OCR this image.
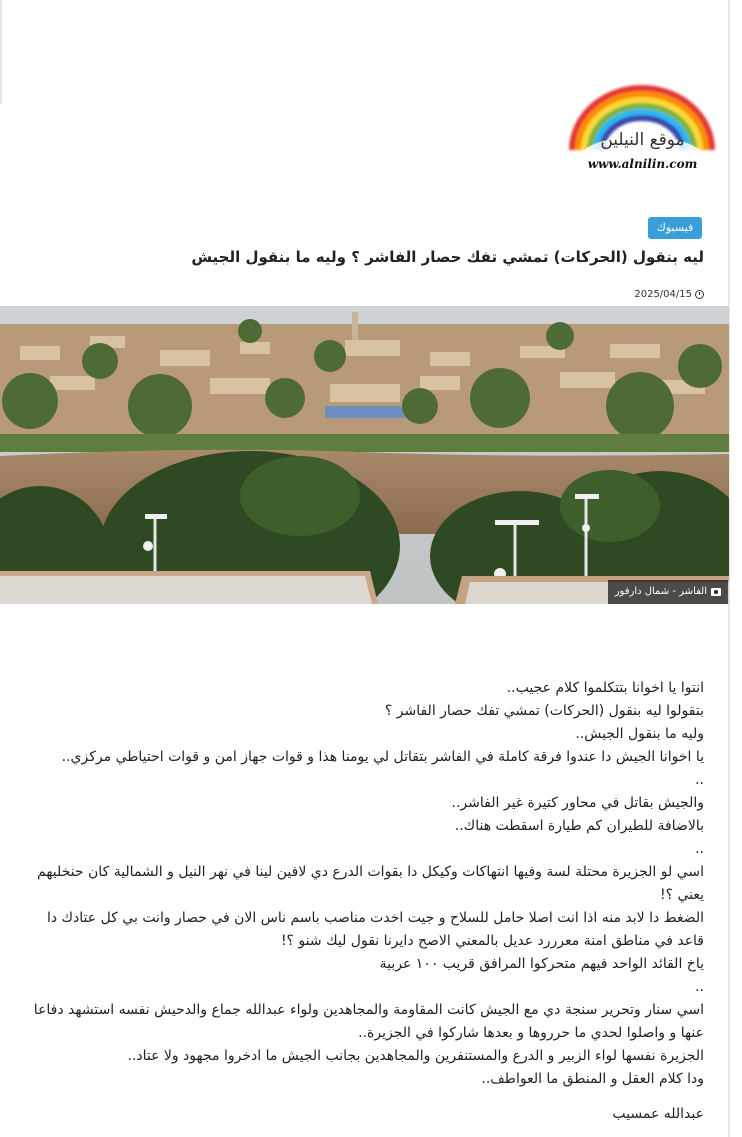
موقع النيلين
www.alnilin.com
فيسبوك
ليه بنقول (الحركات) تمشي تفك حصار الفاشر ؟ وليه ما بنقول الجيش
2025/04/15
الفاشر - شمال دارفور

انتوا يا اخوانا بتتكلموا كلام عجيب..

بتقولوا ليه بنقول (الحركات) تمشي تفك حصار الفاشر ؟

وليه ما بنقول الجيش..

يا اخوانا الجيش دا عندوا فرقة كاملة في الفاشر بتقاتل لي يومنا هذا و قوات جهاز امن و قوات احتياطي مركزي..

..

والجيش بقاتل في محاور كتيرة غير الفاشر..

بالاضافة للطيران كم طيارة اسقطت هناك..

..

اسي لو الجزيرة محتلة لسة وفيها انتهاكات وكيكل دا بقوات الدرع دي لافين لينا في نهر النيل و الشمالية كان حنخليهم يعني ؟!

الضغط دا لابد منه اذا انت اصلا حامل للسلاح و جيت اخدت مناصب باسم ناس الان في حصار وانت بي كل عتادك دا قاعد في مناطق امنة معرررد عديل بالمعني الاصح دايرنا نقول ليك شنو ؟!

ياخ القائد الواحد فيهم متحركوا المرافق قريب ١٠٠ عربية

..

اسي سنار وتحرير سنجة دي مع الجيش كانت المقاومة والمجاهدين ولواء عبدالله جماع والدحيش نفسه استشهد دفاعا عنها و واصلوا لحدي ما حرروها و بعدها شاركوا في الجزيرة..

الجزيرة نفسها لواء الزبير و الدرع والمستنفرين والمجاهدين بجانب الجيش ما ادخروا مجهود ولا عتاد..

ودا كلام العقل و المنطق ما العواطف..

عبدالله عمسيب
